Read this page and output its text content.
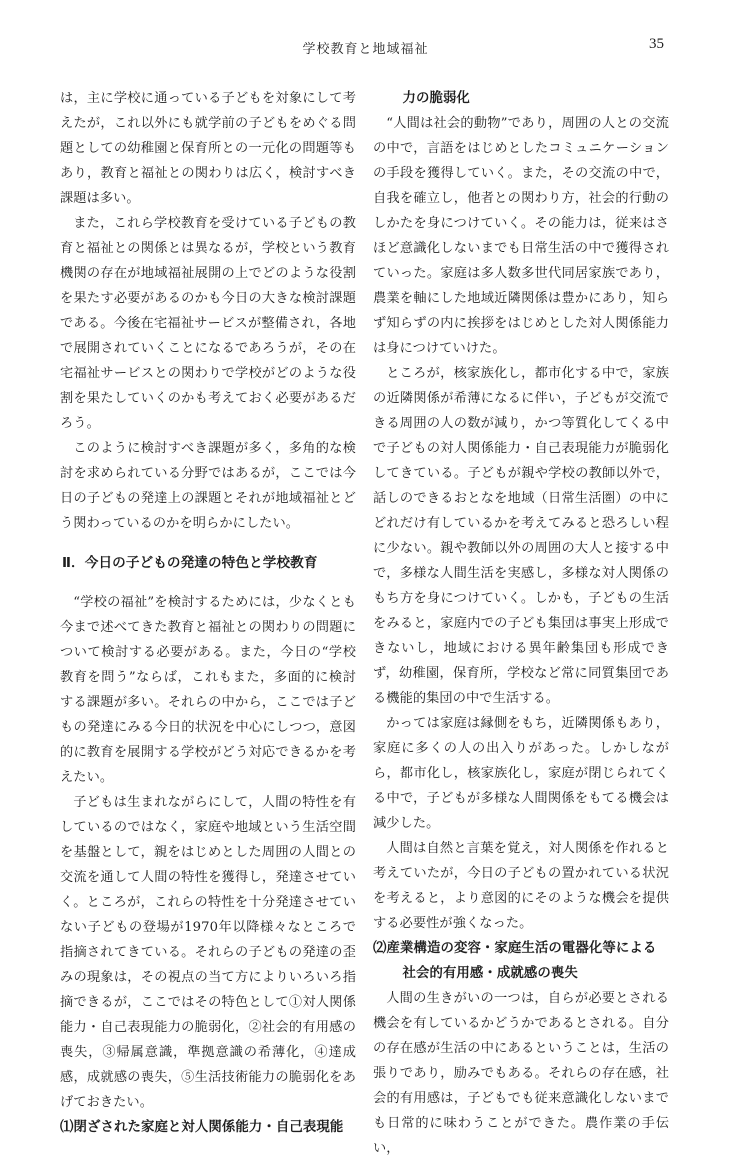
学校教育と地域福祉	35

は，主に学校に通っている子どもを対象にして考えたが，これ以外にも就学前の子どもをめぐる問題としての幼稚園と保育所との一元化の問題等もあり，教育と福祉との関わりは広く，検討すべき課題は多い。

また，これら学校教育を受けている子どもの教育と福祉との関係とは異なるが，学校という教育機関の存在が地域福祉展開の上でどのような役割を果たす必要があるのかも今日の大きな検討課題である。今後在宅福祉サービスが整備され，各地で展開されていくことになるであろうが，その在宅福祉サービスとの関わりで学校がどのような役割を果たしていくのかも考えておく必要があるだろう。

このように検討すべき課題が多く，多角的な検討を求められている分野ではあるが，ここでは今日の子どもの発達上の課題とそれが地域福祉とどう関わっているのかを明らかにしたい。

Ⅱ．今日の子どもの発達の特色と学校教育

“学校の福祉”を検討するためには，少なくとも今まで述べてきた教育と福祉との関わりの問題について検討する必要がある。また，今日の“学校教育を問う”ならば，これもまた，多面的に検討する課題が多い。それらの中から，ここでは子どもの発達にみる今日的状況を中心にしつつ，意図的に教育を展開する学校がどう対応できるかを考えたい。

子どもは生まれながらにして，人間の特性を有しているのではなく，家庭や地域という生活空間を基盤として，親をはじめとした周囲の人間との交流を通して人間の特性を獲得し，発達させていく。ところが，これらの特性を十分発達させていない子どもの登場が1970年以降様々なところで指摘されてきている。それらの子どもの発達の歪みの現象は，その視点の当て方によりいろいろ指摘できるが，ここではその特色として①対人関係能力・自己表現能力の脆弱化，②社会的有用感の喪失，③帰属意識，準拠意識の希薄化，④達成感，成就感の喪失，⑤生活技術能力の脆弱化をあげておきたい。

⑴閉ざされた家庭と対人関係能力・自己表現能
力の脆弱化

“人間は社会的動物”であり，周囲の人との交流の中で，言語をはじめとしたコミュニケーションの手段を獲得していく。また，その交流の中で，自我を確立し，他者との関わり方，社会的行動のしかたを身につけていく。その能力は，従来はさほど意識化しないまでも日常生活の中で獲得されていった。家庭は多人数多世代同居家族であり，農業を軸にした地域近隣関係は豊かにあり，知らず知らずの内に挨拶をはじめとした対人関係能力は身につけていけた。

ところが，核家族化し，都市化する中で，家族の近隣関係が希薄になるに伴い，子どもが交流できる周囲の人の数が減り，かつ等質化してくる中で子どもの対人関係能力・自己表現能力が脆弱化してきている。子どもが親や学校の教師以外で，話しのできるおとなを地域（日常生活圏）の中にどれだけ有しているかを考えてみると恐ろしい程に少ない。親や教師以外の周囲の大人と接する中で，多様な人間生活を実感し，多様な対人関係のもち方を身につけていく。しかも，子どもの生活をみると，家庭内での子ども集団は事実上形成できないし，地域における異年齢集団も形成できず，幼稚園，保育所，学校など常に同質集団である機能的集団の中で生活する。

かっては家庭は縁側をもち，近隣関係もあり，家庭に多くの人の出入りがあった。しかしながら，都市化し，核家族化し，家庭が閉じられてくる中で，子どもが多様な人間関係をもてる機会は減少した。

人間は自然と言葉を覚え，対人関係を作れると考えていたが，今日の子どもの置かれている状況を考えると，より意図的にそのような機会を提供する必要性が強くなった。

⑵産業構造の変容・家庭生活の電器化等による
社会的有用感・成就感の喪失

人間の生きがいの一つは，自らが必要とされる機会を有しているかどうかであるとされる。自分の存在感が生活の中にあるということは，生活の張りであり，励みでもある。それらの存在感，社会的有用感は，子どもでも従来意識化しないまでも日常的に味わうことができた。農作業の手伝い，
